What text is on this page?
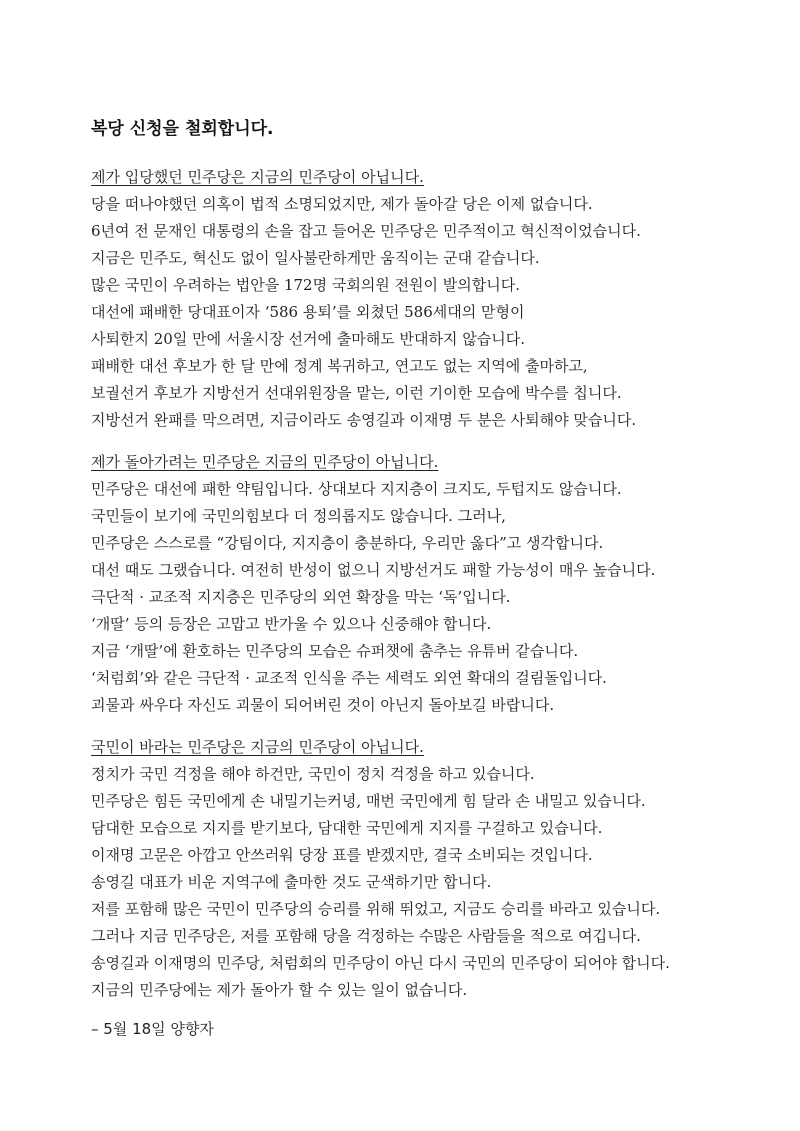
복당 신청을 철회합니다.
제가 입당했던 민주당은 지금의 민주당이 아닙니다.
당을 떠나야했던 의혹이 법적 소명되었지만, 제가 돌아갈 당은 이제 없습니다.
6년여 전 문재인 대통령의 손을 잡고 들어온 민주당은 민주적이고 혁신적이었습니다.
지금은 민주도, 혁신도 없이 일사불란하게만 움직이는 군대 같습니다.
많은 국민이 우려하는 법안을 172명 국회의원 전원이 발의합니다.
대선에 패배한 당대표이자 ‘586 용퇴’를 외쳤던 586세대의 맏형이
사퇴한지 20일 만에 서울시장 선거에 출마해도 반대하지 않습니다.
패배한 대선 후보가 한 달 만에 정계 복귀하고, 연고도 없는 지역에 출마하고,
보궐선거 후보가 지방선거 선대위원장을 맡는, 이런 기이한 모습에 박수를 칩니다.
지방선거 완패를 막으려면, 지금이라도 송영길과 이재명 두 분은 사퇴해야 맞습니다.
제가 돌아가려는 민주당은 지금의 민주당이 아닙니다.
민주당은 대선에 패한 약팀입니다. 상대보다 지지층이 크지도, 두텁지도 않습니다.
국민들이 보기에 국민의힘보다 더 정의롭지도 않습니다. 그러나,
민주당은 스스로를 “강팀이다, 지지층이 충분하다, 우리만 옳다”고 생각합니다.
대선 때도 그랬습니다. 여전히 반성이 없으니 지방선거도 패할 가능성이 매우 높습니다.
극단적 · 교조적 지지층은 민주당의 외연 확장을 막는 ‘독’입니다.
‘개딸’ 등의 등장은 고맙고 반가울 수 있으나 신중해야 합니다.
지금 ‘개딸’에 환호하는 민주당의 모습은 슈퍼챗에 춤추는 유튜버 같습니다.
‘처럼회’와 같은 극단적 · 교조적 인식을 주는 세력도 외연 확대의 걸림돌입니다.
괴물과 싸우다 자신도 괴물이 되어버린 것이 아닌지 돌아보길 바랍니다.
국민이 바라는 민주당은 지금의 민주당이 아닙니다.
정치가 국민 걱정을 해야 하건만, 국민이 정치 걱정을 하고 있습니다.
민주당은 힘든 국민에게 손 내밀기는커녕, 매번 국민에게 힘 달라 손 내밀고 있습니다.
담대한 모습으로 지지를 받기보다, 담대한 국민에게 지지를 구걸하고 있습니다.
이재명 고문은 아깝고 안쓰러워 당장 표를 받겠지만, 결국 소비되는 것입니다.
송영길 대표가 비운 지역구에 출마한 것도 군색하기만 합니다.
저를 포함해 많은 국민이 민주당의 승리를 위해 뛰었고, 지금도 승리를 바라고 있습니다.
그러나 지금 민주당은, 저를 포함해 당을 걱정하는 수많은 사람들을 적으로 여깁니다.
송영길과 이재명의 민주당, 처럼회의 민주당이 아닌 다시 국민의 민주당이 되어야 합니다.
지금의 민주당에는 제가 돌아가 할 수 있는 일이 없습니다.
– 5월 18일 양향자
